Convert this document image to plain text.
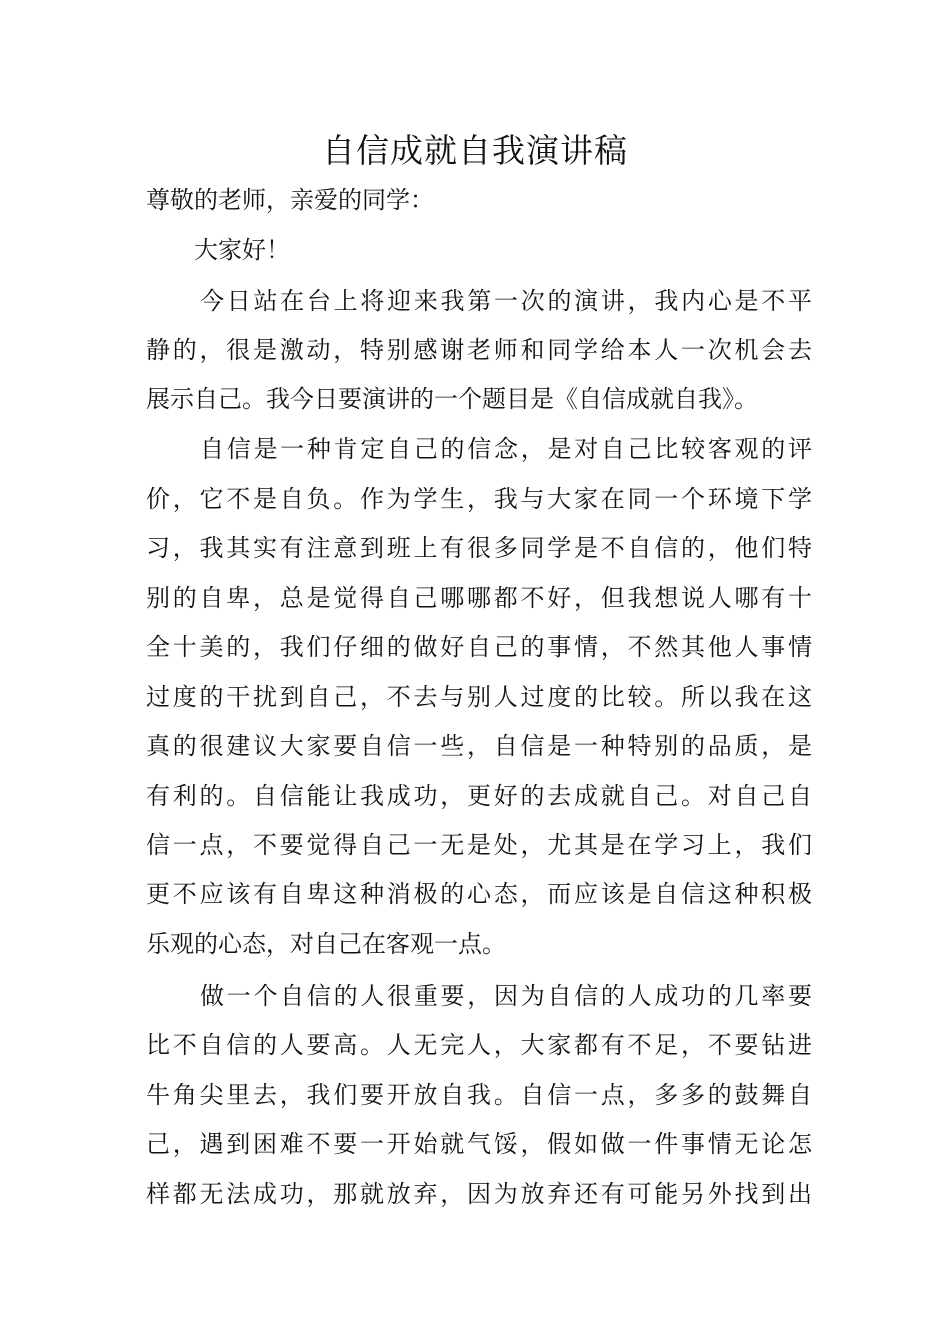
自信成就自我演讲稿

尊敬的老师，亲爱的同学：

大家好！

今日站在台上将迎来我第一次的演讲，我内心是不平

静的，很是激动，特别感谢老师和同学给本人一次机会去

展示自己。我今日要演讲的一个题目是《自信成就自我》。

自信是一种肯定自己的信念，是对自己比较客观的评

价，它不是自负。作为学生，我与大家在同一个环境下学

习，我其实有注意到班上有很多同学是不自信的，他们特

别的自卑，总是觉得自己哪哪都不好，但我想说人哪有十

全十美的，我们仔细的做好自己的事情，不然其他人事情

过度的干扰到自己，不去与别人过度的比较。所以我在这

真的很建议大家要自信一些，自信是一种特别的品质，是

有利的。自信能让我成功，更好的去成就自己。对自己自

信一点，不要觉得自己一无是处，尤其是在学习上，我们

更不应该有自卑这种消极的心态，而应该是自信这种积极

乐观的心态，对自己在客观一点。

做一个自信的人很重要，因为自信的人成功的几率要

比不自信的人要高。人无完人，大家都有不足，不要钻进

牛角尖里去，我们要开放自我。自信一点，多多的鼓舞自

己，遇到困难不要一开始就气馁，假如做一件事情无论怎

样都无法成功，那就放弃，因为放弃还有可能另外找到出
